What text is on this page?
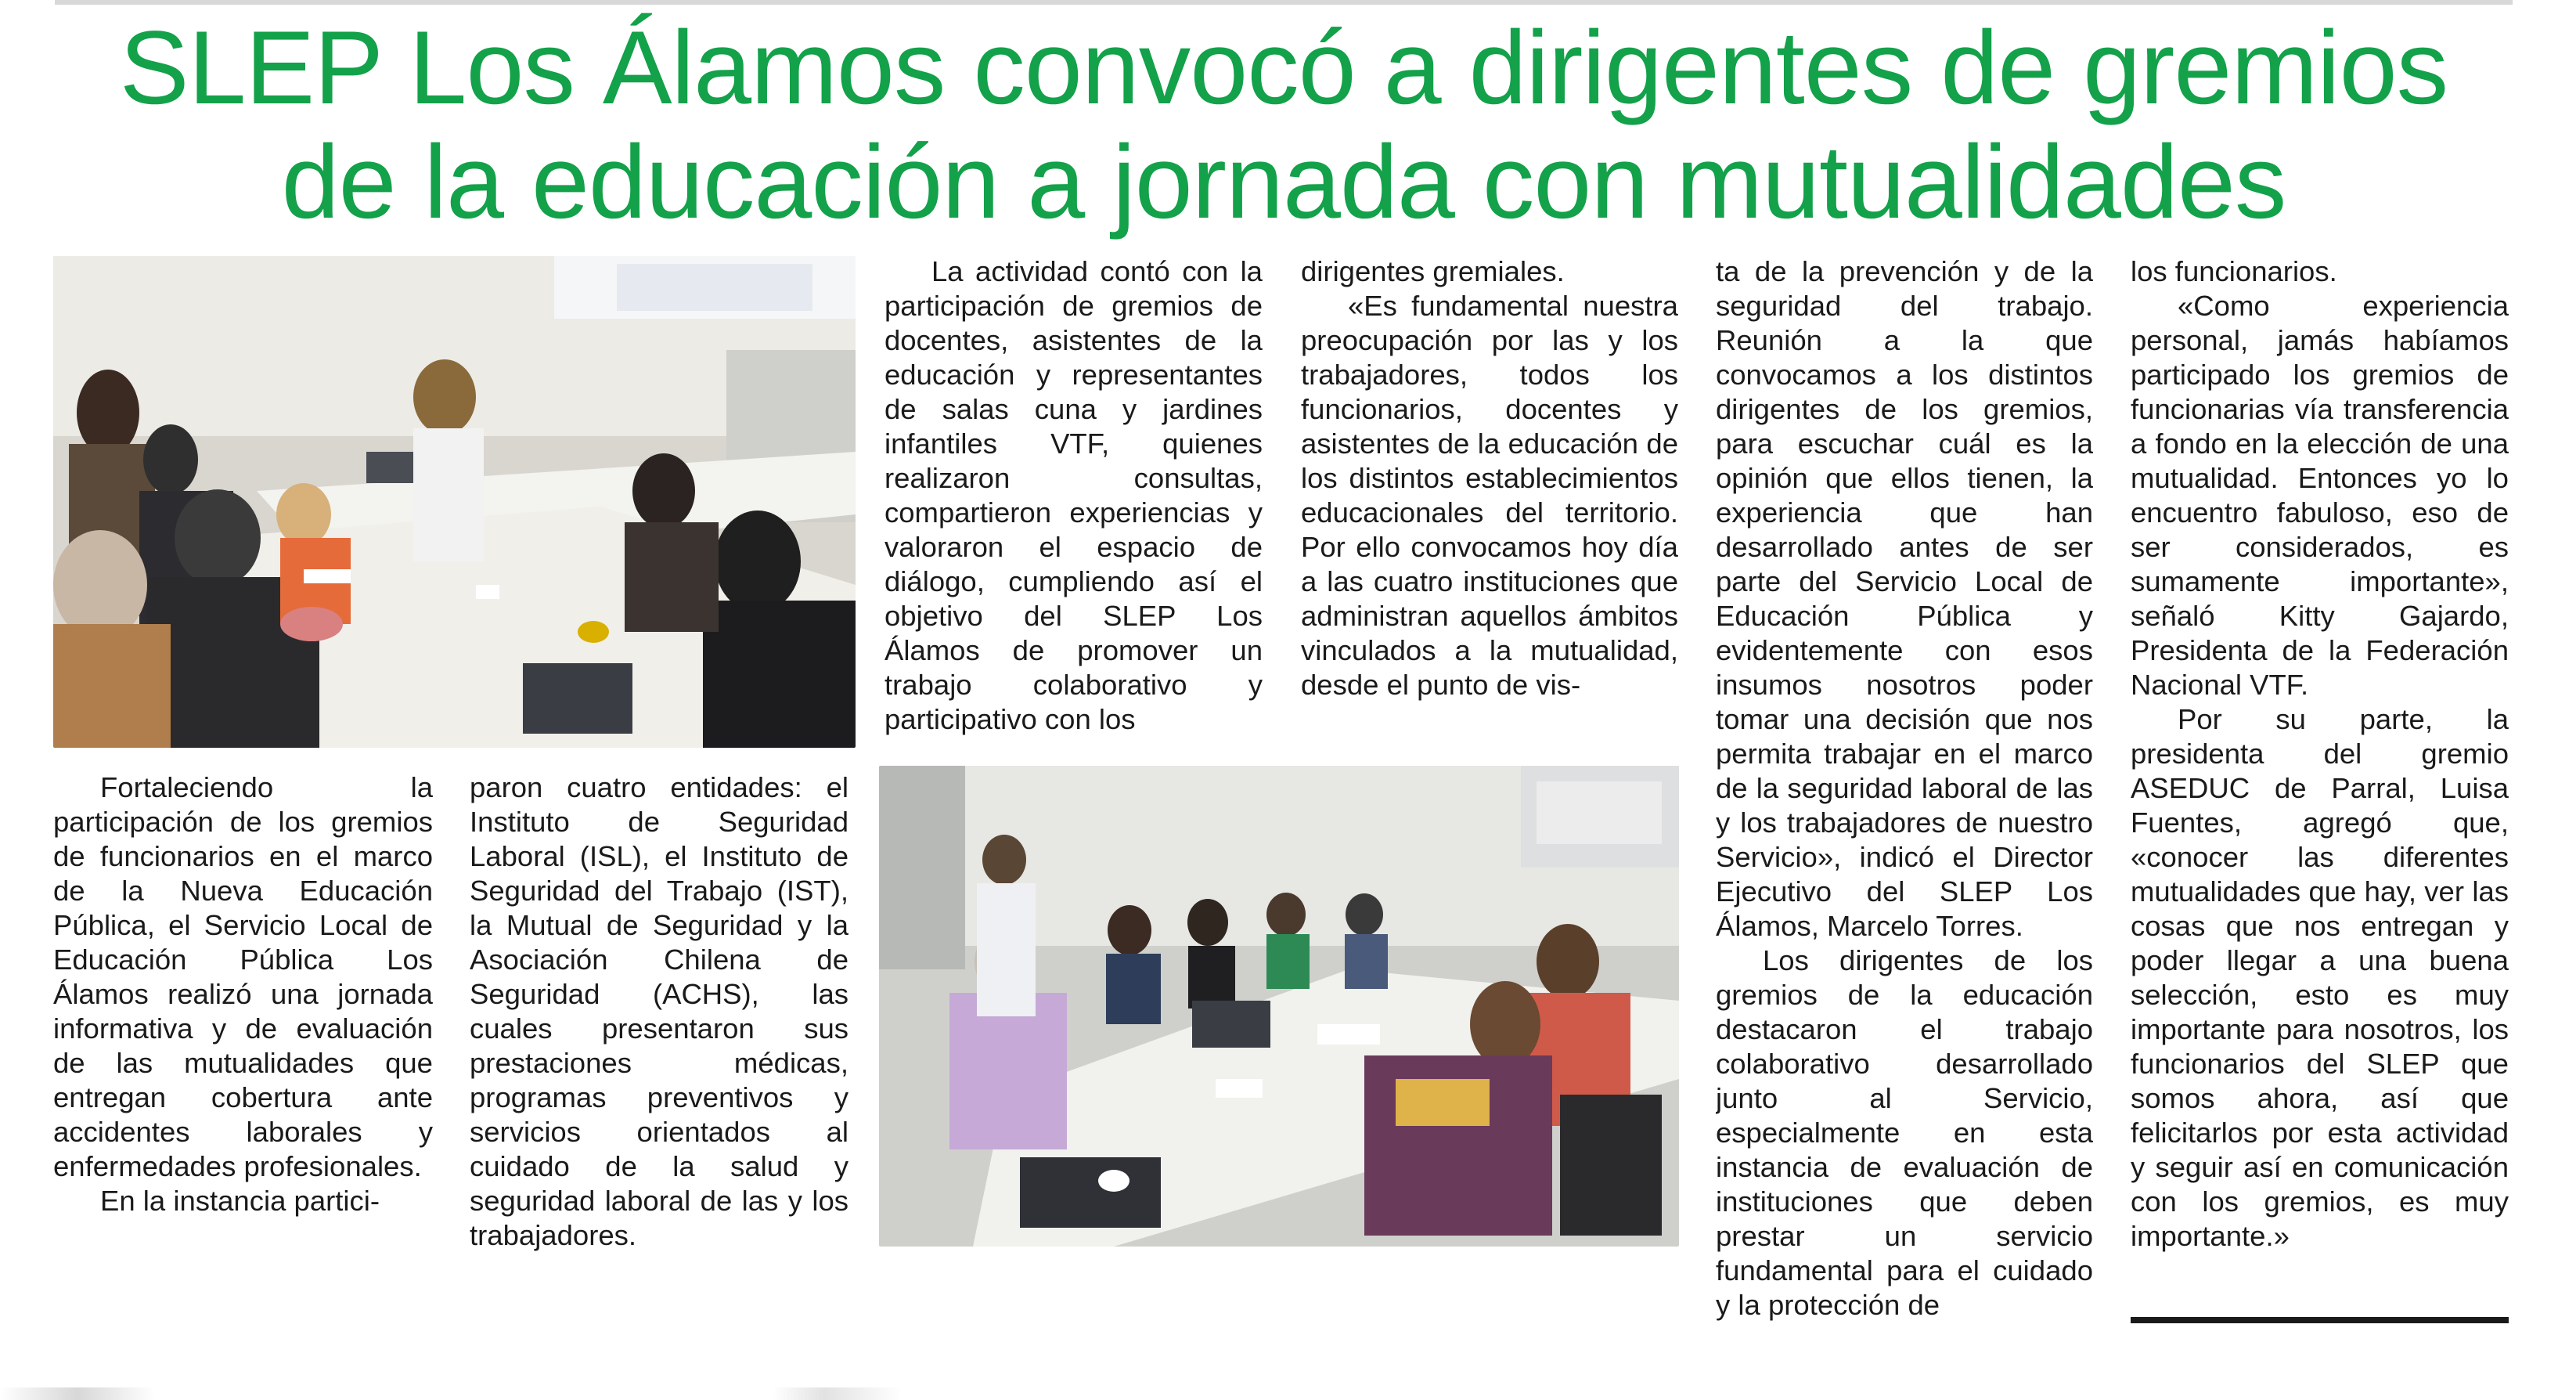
SLEP Los Álamos convocó a dirigentes de gremios
de la educación a jornada con mutualidades

Fortaleciendo la participación de los gremios de funcionarios en el marco de la Nueva Educación Pública, el Servicio Local de Educación Pública Los Álamos realizó una jornada informativa y de evaluación de las mutualidades que entregan cobertura ante accidentes laborales y enfermedades profesionales.

En la instancia partici-

paron cuatro entidades: el Instituto de Seguridad Laboral (ISL), el Instituto de Seguridad del Trabajo (IST), la Mutual de Seguridad y la Asociación Chilena de Seguridad (ACHS), las cuales presentaron sus prestaciones médicas, programas preventivos y servicios orientados al cuidado de la salud y seguridad laboral de las y los trabajadores.

La actividad contó con la participación de gremios de docentes, asistentes de la educación y representantes de salas cuna y jardines infantiles VTF, quienes realizaron consultas, compartieron experiencias y valoraron el espacio de diálogo, cumpliendo así el objetivo del SLEP Los Álamos de promover un trabajo colaborativo y participativo con los

dirigentes gremiales.

«Es fundamental nuestra preocupación por las y los trabajadores, todos los funcionarios, docentes y asistentes de la educación de los distintos establecimientos educacionales del territorio. Por ello convocamos hoy día a las cuatro instituciones que administran aquellos ámbitos vinculados a la mutualidad, desde el punto de vis-

ta de la prevención y de la seguridad del trabajo. Reunión a la que convocamos a los distintos dirigentes de los gremios, para escuchar cuál es la opinión que ellos tienen, la experiencia que han desarrollado antes de ser parte del Servicio Local de Educación Pública y evidentemente con esos insumos nosotros poder tomar una decisión que nos permita trabajar en el marco de la seguridad laboral de las y los trabajadores de nuestro Servicio», indicó el Director Ejecutivo del SLEP Los Álamos, Marcelo Torres.

Los dirigentes de los gremios de la educación destacaron el trabajo colaborativo desarrollado junto al Servicio, especialmente en esta instancia de evaluación de instituciones que deben prestar un servicio fundamental para el cuidado y la protección de

los funcionarios.

«Como experiencia personal, jamás habíamos participado los gremios de funcionarias vía transferencia a fondo en la elección de una mutualidad. Entonces yo lo encuentro fabuloso, eso de ser considerados, es sumamente importante», señaló Kitty Gajardo, Presidenta de la Federación Nacional VTF.

Por su parte, la presidenta del gremio ASEDUC de Parral, Luisa Fuentes, agregó que, «conocer las diferentes mutualidades que hay, ver las cosas que nos entregan y poder llegar a una buena selección, esto es muy importante para nosotros, los funcionarios del SLEP que somos ahora, así que felicitarlos por esta actividad y seguir así en comunicación con los gremios, es muy importante.»
